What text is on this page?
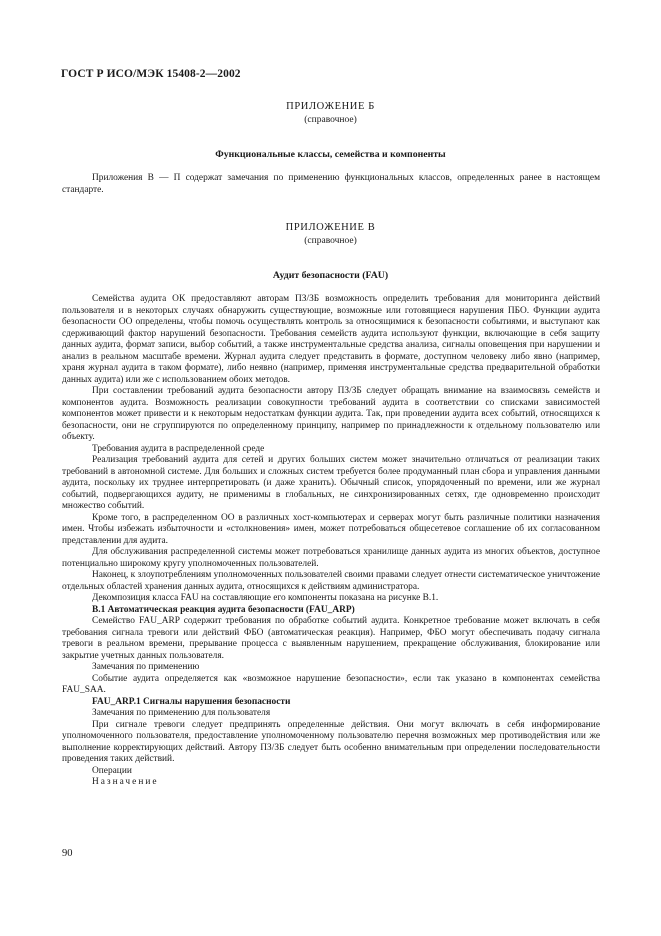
ГОСТ Р ИСО/МЭК 15408-2—2002
ПРИЛОЖЕНИЕ Б
(справочное)
Функциональные классы, семейства и компоненты

Приложения В — П содержат замечания по применению функциональных классов, определенных ранее в настоящем стандарте.

ПРИЛОЖЕНИЕ В
(справочное)
Аудит безопасности (FAU)

Семейства аудита ОК предоставляют авторам ПЗ/ЗБ возможность определить требования для мониторинга действий пользователя и в некоторых случаях обнаружить существующие, возможные или готовящиеся нарушения ПБО. Функции аудита безопасности ОО определены, чтобы помочь осуществлять контроль за относящимися к безопасности событиями, и выступают как сдерживающий фактор нарушений безопасности. Требования семейств аудита используют функции, включающие в себя защиту данных аудита, формат записи, выбор событий, а также инструментальные средства анализа, сигналы оповещения при нарушении и анализ в реальном масштабе времени. Журнал аудита следует представить в формате, доступном человеку либо явно (например, храня журнал аудита в таком формате), либо неявно (например, применяя инструментальные средства предварительной обработки данных аудита) или же с использованием обоих методов.

При составлении требований аудита безопасности автору ПЗ/ЗБ следует обращать внимание на взаимосвязь семейств и компонентов аудита. Возможность реализации совокупности требований аудита в соответствии со списками зависимостей компонентов может привести и к некоторым недостаткам функции аудита. Так, при проведении аудита всех событий, относящихся к безопасности, они не сгруппируются по определенному принципу, например по принадлежности к отдельному пользователю или объекту.

Требования аудита в распределенной среде

Реализация требований аудита для сетей и других больших систем может значительно отличаться от реализации таких требований в автономной системе. Для больших и сложных систем требуется более продуманный план сбора и управления данными аудита, поскольку их труднее интерпретировать (и даже хранить). Обычный список, упорядоченный по времени, или же журнал событий, подвергающихся аудиту, не применимы в глобальных, не синхронизированных сетях, где одновременно происходит множество событий.

Кроме того, в распределенном ОО в различных хост-компьютерах и серверах могут быть различные политики назначения имен. Чтобы избежать избыточности и «столкновения» имен, может потребоваться общесетевое соглашение об их согласованном представлении для аудита.

Для обслуживания распределенной системы может потребоваться хранилище данных аудита из многих объектов, доступное потенциально широкому кругу уполномоченных пользователей.

Наконец, к злоупотреблениям уполномоченных пользователей своими правами следует отнести систематическое уничтожение отдельных областей хранения данных аудита, относящихся к действиям администратора.

Декомпозиция класса FAU на составляющие его компоненты показана на рисунке В.1.

В.1 Автоматическая реакция аудита безопасности (FAU_ARP)

Семейство FAU_ARP содержит требования по обработке событий аудита. Конкретное требование может включать в себя требования сигнала тревоги или действий ФБО (автоматическая реакция). Например, ФБО могут обеспечивать подачу сигнала тревоги в реальном времени, прерывание процесса с выявленным нарушением, прекращение обслуживания, блокирование или закрытие учетных данных пользователя.

Замечания по применению

Событие аудита определяется как «возможное нарушение безопасности», если так указано в компонентах семейства FAU_SAA.

FAU_ARP.1 Сигналы нарушения безопасности

Замечания по применению для пользователя

При сигнале тревоги следует предпринять определенные действия. Они могут включать в себя информирование уполномоченного пользователя, предоставление уполномоченному пользователю перечня возможных мер противодействия или же выполнение корректирующих действий. Автору ПЗ/ЗБ следует быть особенно внимательным при определении последовательности проведения таких действий.

Операции

Назначение

90
